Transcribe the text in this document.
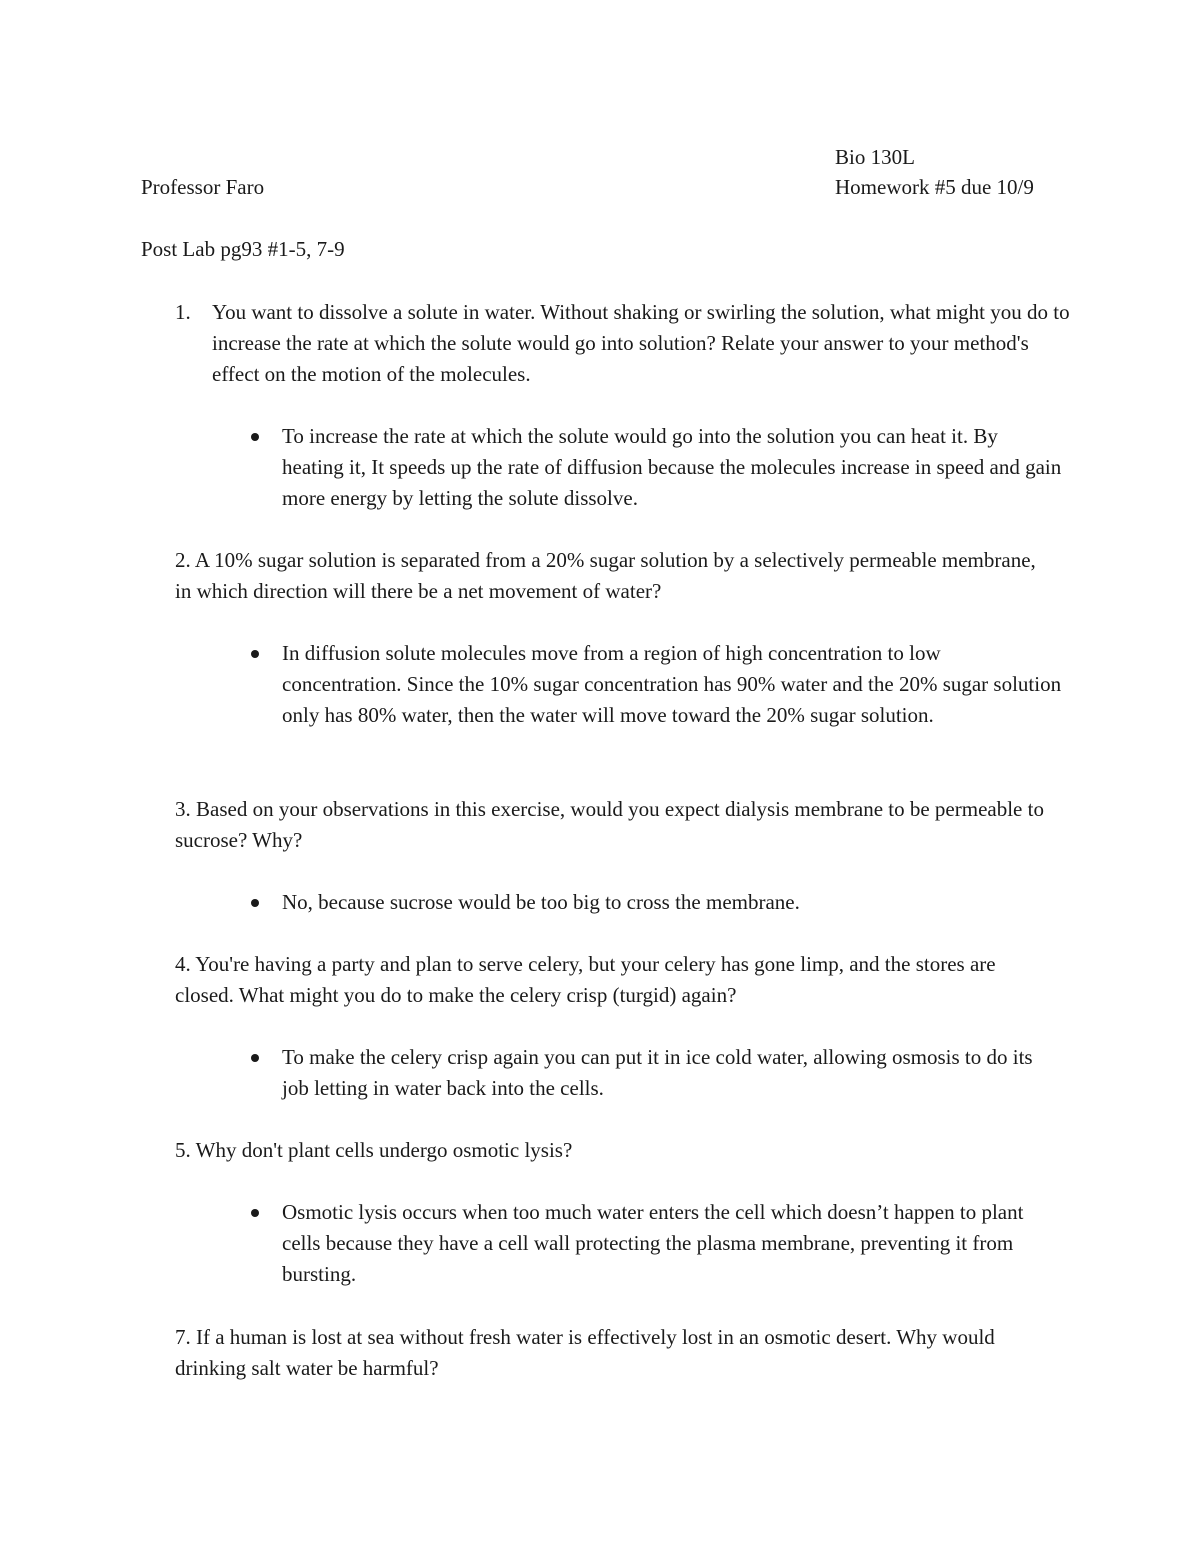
Bio 130L
Professor Faro	Homework #5 due 10/9
Post Lab pg93 #1-5, 7-9
1. You want to dissolve a solute in water. Without shaking or swirling the solution, what might you do to increase the rate at which the solute would go into solution? Relate your answer to your method's effect on the motion of the molecules.
To increase the rate at which the solute would go into the solution you can heat it. By heating it, It speeds up the rate of diffusion because the molecules increase in speed and gain more energy by letting the solute dissolve.
2. A 10% sugar solution is separated from a 20% sugar solution by a selectively permeable membrane, in which direction will there be a net movement of water?
In diffusion solute molecules move from a region of high concentration to low concentration. Since the 10% sugar concentration has 90% water and the 20% sugar solution only has 80% water, then the water will move toward the 20% sugar solution.
3. Based on your observations in this exercise, would you expect dialysis membrane to be permeable to sucrose? Why?
No, because sucrose would be too big to cross the membrane.
4. You're having a party and plan to serve celery, but your celery has gone limp, and the stores are closed. What might you do to make the celery crisp (turgid) again?
To make the celery crisp again you can put it in ice cold water, allowing osmosis to do its job letting in water back into the cells.
5. Why don't plant cells undergo osmotic lysis?
Osmotic lysis occurs when too much water enters the cell which doesn’t happen to plant cells because they have a cell wall protecting the plasma membrane, preventing it from bursting.
7. If a human is lost at sea without fresh water is effectively lost in an osmotic desert. Why would drinking salt water be harmful?
